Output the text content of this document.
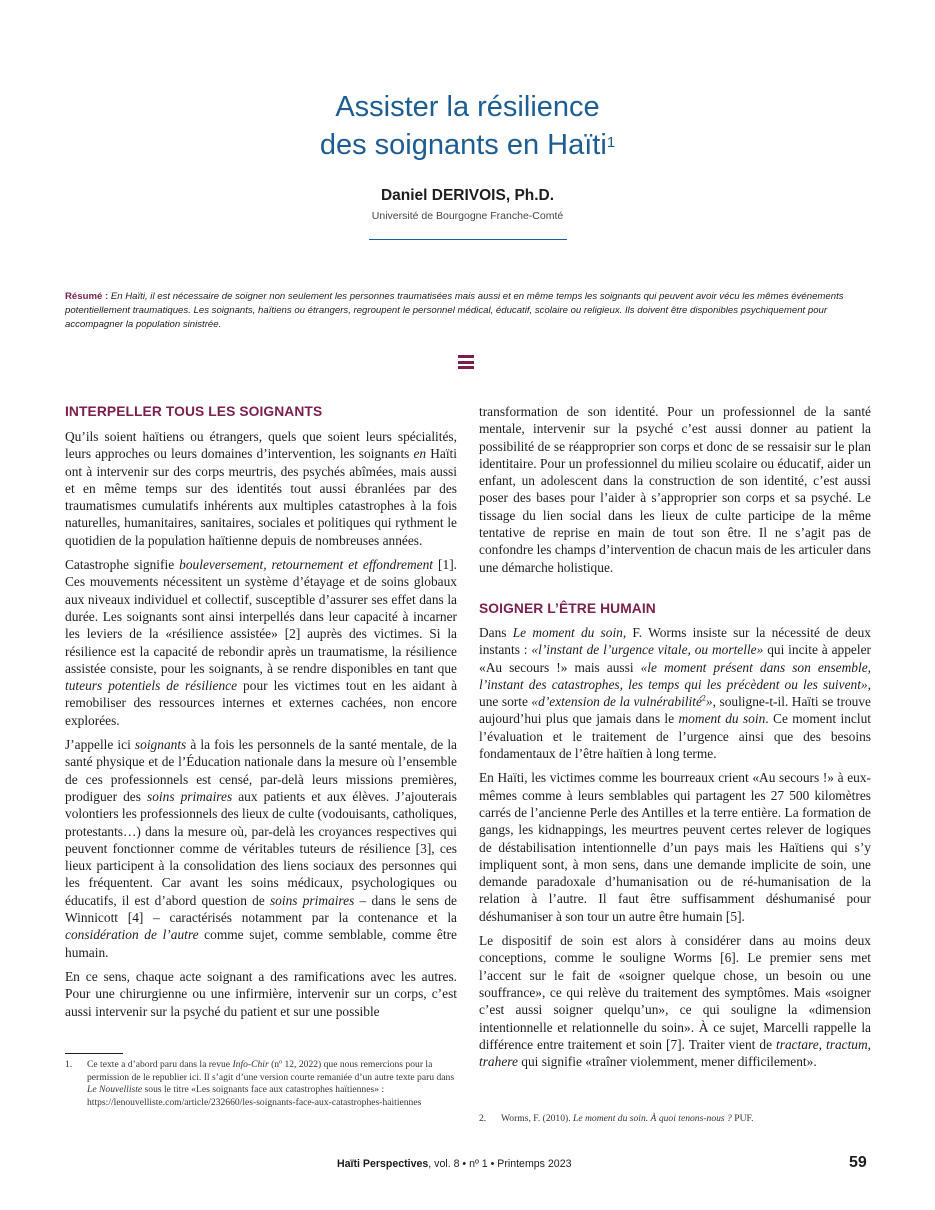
Assister la résilience
des soignants en Haïti$^1$
Daniel DERIVOIS, Ph.D.
Université de Bourgogne Franche-Comté
Résumé : En Haïti, il est nécessaire de soigner non seulement les personnes traumatisées mais aussi et en même temps les soignants qui peuvent avoir vécu les mêmes événements potentiellement traumatiques. Les soignants, haïtiens ou étrangers, regroupent le personnel médical, éducatif, scolaire ou religieux. Ils doivent être disponibles psychiquement pour accompagner la population sinistrée.
INTERPELLER TOUS LES SOIGNANTS

Qu’ils soient haïtiens ou étrangers, quels que soient leurs spécialités, leurs approches ou leurs domaines d’intervention, les soignants en Haïti ont à intervenir sur des corps meurtris, des psychés abîmées, mais aussi et en même temps sur des identités tout aussi ébranlées par des traumatismes cumulatifs inhérents aux multiples catastrophes à la fois naturelles, humanitaires, sanitaires, sociales et politiques qui rythment le quotidien de la population haïtienne depuis de nombreuses années.

Catastrophe signifie bouleversement, retournement et effondrement [1]. Ces mouvements nécessitent un système d’étayage et de soins globaux aux niveaux individuel et collectif, susceptible d’assurer ses effet dans la durée. Les soignants sont ainsi interpellés dans leur capacité à incarner les leviers de la «résilience assistée» [2] auprès des victimes. Si la résilience est la capacité de rebondir après un traumatisme, la résilience assistée consiste, pour les soignants, à se rendre disponibles en tant que tuteurs potentiels de résilience pour les victimes tout en les aidant à remobiliser des ressources internes et externes cachées, non encore explorées.

J’appelle ici soignants à la fois les personnels de la santé mentale, de la santé physique et de l’Éducation nationale dans la mesure où l’ensemble de ces professionnels est censé, par-delà leurs missions premières, prodiguer des soins primaires aux patients et aux élèves. J’ajouterais volontiers les professionnels des lieux de culte (vodouisants, catholiques, protestants…) dans la mesure où, par-delà les croyances respectives qui peuvent fonctionner comme de véritables tuteurs de résilience [3], ces lieux participent à la consolidation des liens sociaux des personnes qui les fréquentent. Car avant les soins médicaux, psychologiques ou éducatifs, il est d’abord question de soins primaires – dans le sens de Winnicott [4] – caractérisés notamment par la contenance et la considération de l’autre comme sujet, comme semblable, comme être humain.

En ce sens, chaque acte soignant a des ramifications avec les autres. Pour une chirurgienne ou une infirmière, intervenir sur un corps, c’est aussi intervenir sur la psyché du patient et sur une possible

transformation de son identité. Pour un professionnel de la santé mentale, intervenir sur la psyché c’est aussi donner au patient la possibilité de se réapproprier son corps et donc de se ressaisir sur le plan identitaire. Pour un professionnel du milieu scolaire ou éducatif, aider un enfant, un adolescent dans la construction de son identité, c’est aussi poser des bases pour l’aider à s’approprier son corps et sa psyché. Le tissage du lien social dans les lieux de culte participe de la même tentative de reprise en main de tout son être. Il ne s’agit pas de confondre les champs d’intervention de chacun mais de les articuler dans une démarche holistique.

SOIGNER L’ÊTRE HUMAIN

Dans Le moment du soin, F. Worms insiste sur la nécessité de deux instants : «l’instant de l’urgence vitale, ou mortelle» qui incite à appeler «Au secours !» mais aussi «le moment présent dans son ensemble, l’instant des catastrophes, les temps qui les précèdent ou les suivent», une sorte «d’extension de la vulnérabilité$^2$», souligne-t-il. Haïti se trouve aujourd’hui plus que jamais dans le moment du soin. Ce moment inclut l’évaluation et le traitement de l’urgence ainsi que des besoins fondamentaux de l’être haïtien à long terme.

En Haïti, les victimes comme les bourreaux crient «Au secours !» à eux-mêmes comme à leurs semblables qui partagent les 27 500 kilomètres carrés de l’ancienne Perle des Antilles et la terre entière. La formation de gangs, les kidnappings, les meurtres peuvent certes relever de logiques de déstabilisation intentionnelle d’un pays mais les Haïtiens qui s’y impliquent sont, à mon sens, dans une demande implicite de soin, une demande paradoxale d’humanisation ou de ré-humanisation de la relation à l’autre. Il faut être suffisamment déshumanisé pour déshumaniser à son tour un autre être humain [5].

Le dispositif de soin est alors à considérer dans au moins deux conceptions, comme le souligne Worms [6]. Le premier sens met l’accent sur le fait de «soigner quelque chose, un besoin ou une souffrance», ce qui relève du traitement des symptômes. Mais «soigner c’est aussi soigner quelqu’un», ce qui souligne la «dimension intentionnelle et relationnelle du soin». À ce sujet, Marcelli rappelle la différence entre traitement et soin [7]. Traiter vient de tractare, tractum, trahere qui signifie «traîner violemment, mener difficilement».

1. Ce texte a d’abord paru dans la revue Info-Chir (nº 12, 2022) que nous remercions pour la permission de le republier ici. Il s’agit d’une version courte remaniée d’un autre texte paru dans Le Nouvelliste sous le titre «Les soignants face aux catastrophes haïtiennes» : https://lenouvelliste.com/article/232660/les-soignants-face-aux-catastrophes-haitiennes
2. Worms, F. (2010). Le moment du soin. À quoi tenons-nous ? PUF.
Haïti Perspectives, vol. 8 • nº 1 • Printemps 2023	59
